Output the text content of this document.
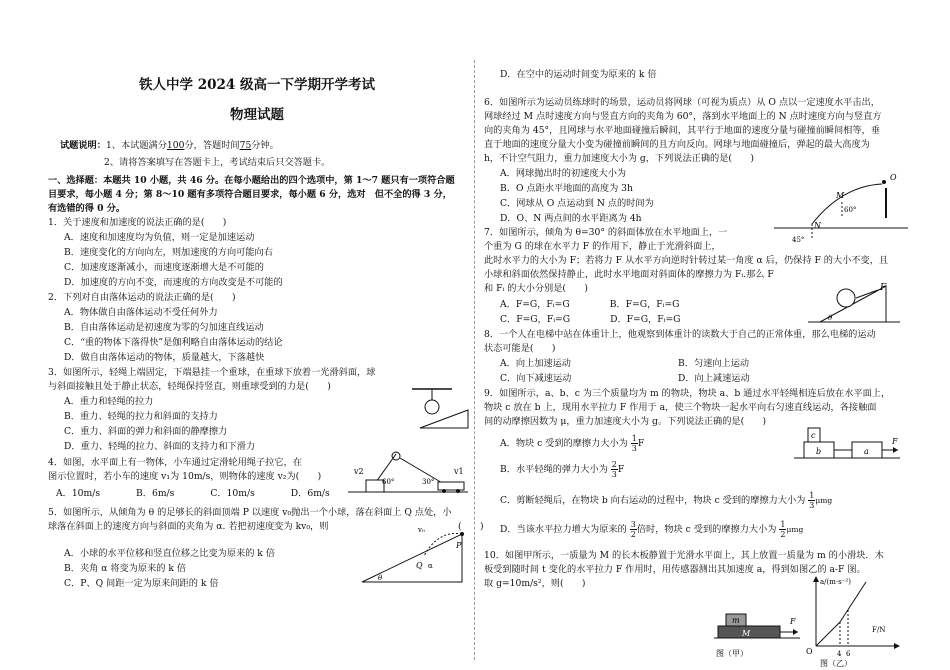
铁人中学 2024 级高一下学期开学考试
物理试题
试题说明：1、本试题满分100分，答题时间75分钟。
2、请将答案填写在答题卡上，考试结束后只交答题卡。
一、选择题：本题共 10 小题，共 46 分。在每小题给出的四个选项中，第 1～7 题只有一项符合题
目要求，每小题 4 分；第 8～10 题有多项符合题目要求，每小题 6 分，选对　但不全的得 3 分，
有选错的得 0 分。
1．关于速度和加速度的说法正确的是(　　)
A．速度和加速度均为负值，则一定是加速运动
B．速度变化的方向向左，则加速度的方向可能向右
C．加速度逐渐减小，而速度逐渐增大是不可能的
D．加速度的方向不变，而速度的方向改变是不可能的
2．下列对自由落体运动的说法正确的是(　　)
A．物体做自由落体运动不受任何外力
B．自由落体运动是初速度为零的匀加速直线运动
C．“重的物体下落得快”是伽利略自由落体运动的结论
D．做自由落体运动的物体，质量越大，下落越快
3．如图所示，轻绳上端固定，下端悬挂一个重球，在重球下放着一光滑斜面，球
与斜面接触且处于静止状态，轻绳保持竖直，则重球受到的力是(　　)
A．重力和轻绳的拉力
B．重力、轻绳的拉力和斜面的支持力
C．重力、斜面的弹力和斜面的静摩擦力
D．重力、轻绳的拉力、斜面的支持力和下滑力
4．如图，水平面上有一物体，小车通过定滑轮用绳子拉它，在
图示位置时，若小车的速度 v₁为 10m/s，则物体的速度 v₂为(　　)
A．10m/s	B．6m/s	C．10m/s	D．6m/s
v2	v1
60°	30°
5．如图所示，从倾角为 θ 的足够长的斜面顶端 P 以速度 v₀抛出一个小球，落在斜面上 Q 点处，小
球落在斜面上的速度方向与斜面的夹角为 α. 若把初速度变为 kv₀，则	(　　)
A．小球的水平位移和竖直位移之比变为原来的 k 倍
B．夹角 α 将变为原来的 k 倍
C．P、Q 间距一定为原来间距的 k 倍
v₀
P
Q α
θ
D．在空中的运动时间变为原来的 k 倍
6．如图所示为运动员练球时的场景，运动员将网球（可视为质点）从 O 点以一定速度水平击出，
网球经过 M 点时速度方向与竖直方向的夹角为 60°，落到水平地面上的 N 点时速度方向与竖直方
向的夹角为 45°，且网球与水平地面碰撞后瞬间，其平行于地面的速度分量与碰撞前瞬间相等，垂
直于地面的速度分量大小变为碰撞前瞬间的且方向反向。网球与地面碰撞后，弹起的最大高度为
h，不计空气阻力，重力加速度大小为 g，下列说法正确的是(　　)
A．网球抛出时的初速度大小为
B．O 点距水平地面的高度为 3h
C．网球从 O 点运动到 N 点的时间为
D．O、N 两点间的水平距离为 4h
M
60°
45°
N
O
7．如图所示，倾角为 θ=30° 的斜面体放在水平地面上，一
个重为 G 的球在水平力 F 的作用下，静止于光滑斜面上，
此时水平力的大小为 F；若将力 F 从水平方向逆时针转过某一角度 α 后，仍保持 F 的大小不变，且
小球和斜面依然保持静止，此时水平地面对斜面体的摩擦力为 Fᵢ.那么 F
和 Fᵢ 的大小分别是(　　)
A．F=G，Fᵢ=G	B．F=G，Fᵢ=G
C．F=G，Fᵢ=G	D．F=G，Fᵢ=G
F
θ
8．一个人在电梯中站在体重计上，他观察到体重计的读数大于自己的正常体重，那么电梯的运动
状态可能是(　　)
A．向上加速运动	B．匀速向上运动
C．向下减速运动	D．向上减速运动
9．如图所示，a、b、c 为三个质量均为 m 的物块，物块 a、b 通过水平轻绳相连后放在水平面上，
物块 c 放在 b 上，现用水平拉力 F 作用于 a，使三个物块一起水平向右匀速直线运动，各接触面
间的动摩擦因数为 μ，重力加速度大小为 g。下列说法正确的是(　　)
A．物块 c 受到的摩擦力大小为 $\frac{1}{3}$ F
B．水平轻绳的弹力大小为 $\frac{2}{3}$ F
C．剪断轻绳后，在物块 b 向右运动的过程中，物块 c 受到的摩擦力大小为 $\frac{1}{3}$ μmg
D．当该水平拉力增大为原来的 $\frac{3}{2}$ 倍时，物块 c 受到的摩擦力大小为 $\frac{1}{2}$ μmg
c
b	a
F
10．如图甲所示，一质量为 M 的长木板静置于光滑水平面上，其上放置一质量为 m 的小滑块．木
板受到随时间 t 变化的水平拉力 F 作用时，用传感器测出其加速度 a，得到如图乙的 a-F 图。
取 g=10m/s²，则(　　)
m
M
F
图（甲）
a/(m·s⁻²)
F/N
O	4 6
图（乙）
